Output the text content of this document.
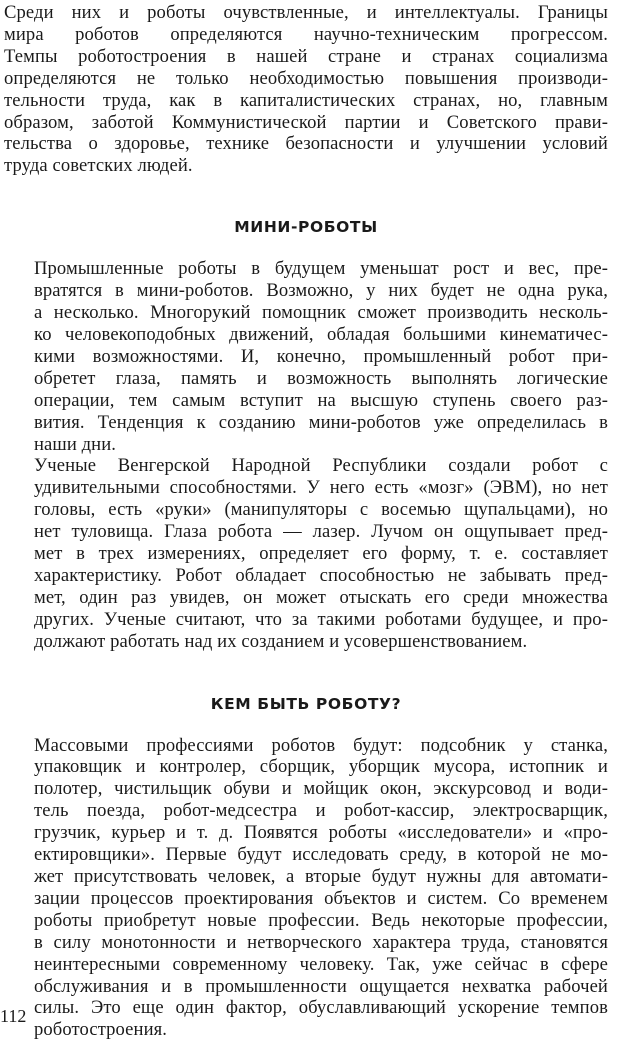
Среди них и роботы очувствленные, и интеллектуалы. Границы
мира роботов определяются научно-техническим прогрессом.
Темпы роботостроения в нашей стране и странах социализма
определяются не только необходимостью повышения производи-
тельности труда, как в капиталистических странах, но, главным
образом, заботой Коммунистической партии и Советского прави-
тельства о здоровье, технике безопасности и улучшении условий
труда советских людей.

МИНИ-РОБОТЫ

Промышленные роботы в будущем уменьшат рост и вес, пре-
вратятся в мини-роботов. Возможно, у них будет не одна рука,
а несколько. Многорукий помощник сможет производить несколь-
ко человекоподобных движений, обладая большими кинематичес-
кими возможностями. И, конечно, промышленный робот при-
обретет глаза, память и возможность выполнять логические
операции, тем самым вступит на высшую ступень своего раз-
вития. Тенденция к созданию мини-роботов уже определилась в
наши дни.

Ученые Венгерской Народной Республики создали робот с
удивительными способностями. У него есть «мозг» (ЭВМ), но нет
головы, есть «руки» (манипуляторы с восемью щупальцами), но
нет туловища. Глаза робота — лазер. Лучом он ощупывает пред-
мет в трех измерениях, определяет его форму, т. е. составляет
характеристику. Робот обладает способностью не забывать пред-
мет, один раз увидев, он может отыскать его среди множества
других. Ученые считают, что за такими роботами будущее, и про-
должают работать над их созданием и усовершенствованием.

КЕМ БЫТЬ РОБОТУ?

Массовыми профессиями роботов будут: подсобник у станка,
упаковщик и контролер, сборщик, уборщик мусора, истопник и
полотер, чистильщик обуви и мойщик окон, экскурсовод и води-
тель поезда, робот-медсестра и робот-кассир, электросварщик,
грузчик, курьер и т. д. Появятся роботы «исследователи» и «про-
ектировщики». Первые будут исследовать среду, в которой не мо-
жет присутствовать человек, а вторые будут нужны для автомати-
зации процессов проектирования объектов и систем. Со временем
роботы приобретут новые профессии. Ведь некоторые профессии,
в силу монотонности и нетворческого характера труда, становятся
неинтересными современному человеку. Так, уже сейчас в сфере
обслуживания и в промышленности ощущается нехватка рабочей
силы. Это еще один фактор, обуславливающий ускорение темпов
роботостроения.

112
